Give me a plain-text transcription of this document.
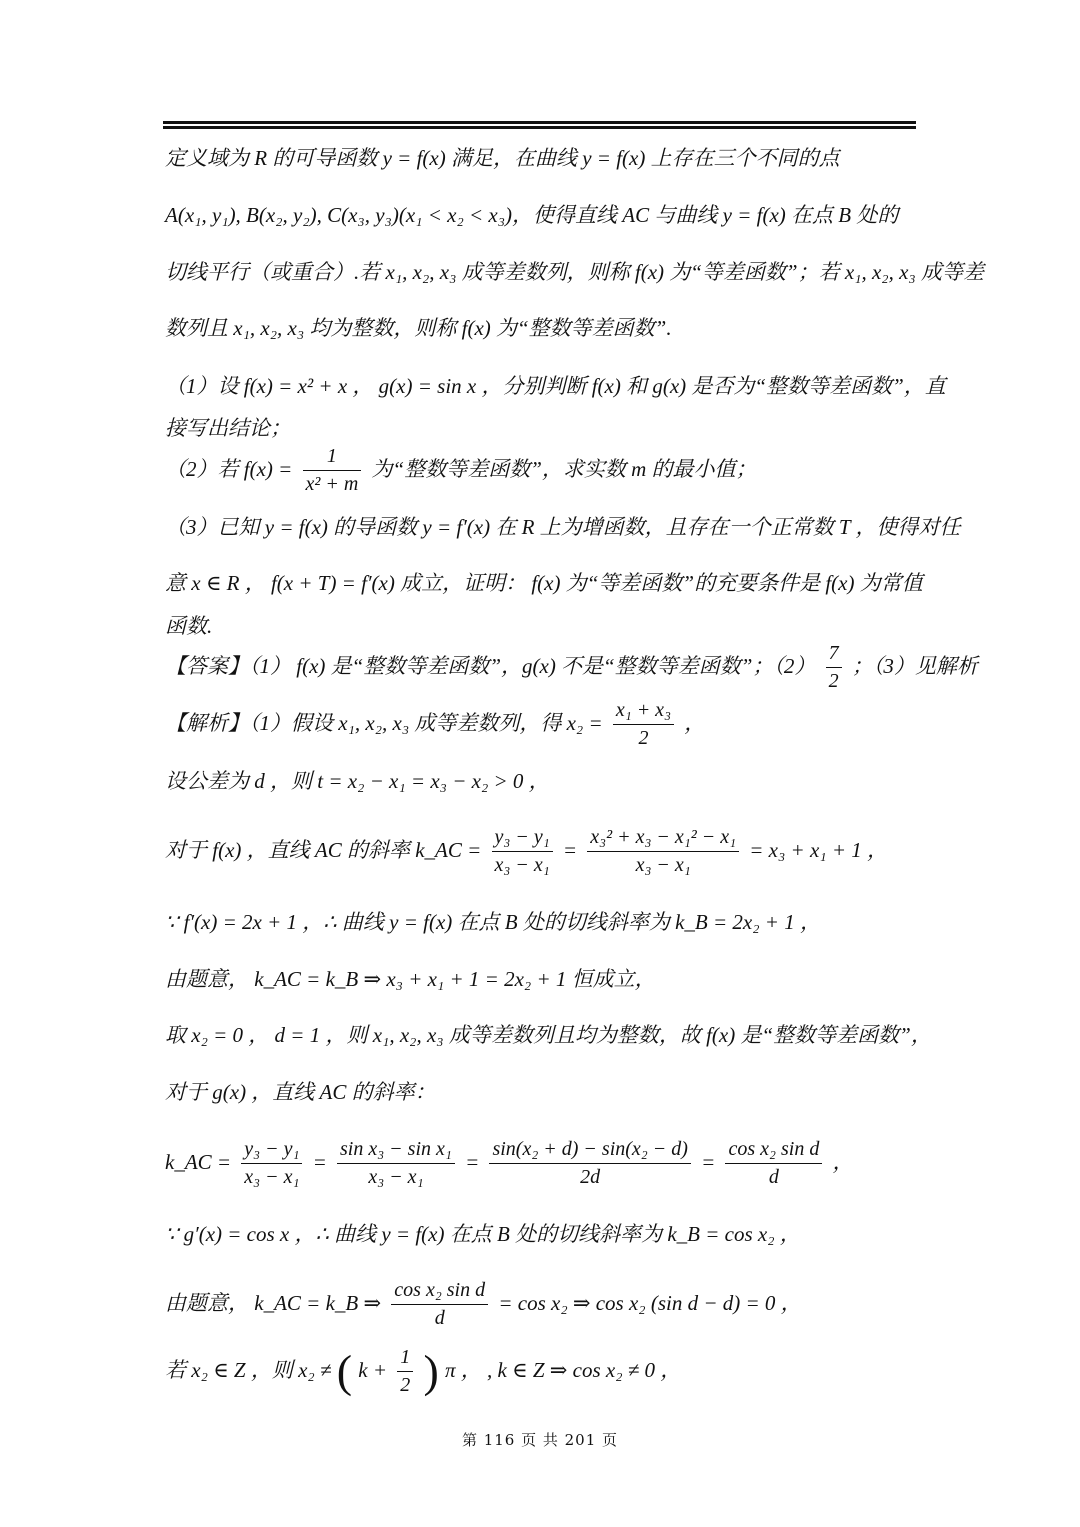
定义域为 R 的可导函数 y = f(x) 满足，在曲线 y = f(x) 上存在三个不同的点
A(x₁, y₁), B(x₂, y₂), C(x₃, y₃)(x₁ < x₂ < x₃)，使得直线 AC 与曲线 y = f(x) 在点 B 处的
切线平行（或重合）.若 x₁, x₂, x₃ 成等差数列，则称 f(x) 为“等差函数”；若 x₁, x₂, x₃ 成等差
数列且 x₁, x₂, x₃ 均为整数，则称 f(x) 为“整数等差函数”.
（1）设 f(x) = x² + x ， g(x) = sin x ，分别判断 f(x) 和 g(x) 是否为“整数等差函数”，直
接写出结论；
（2）若 $f(x) = \frac{1}{\text{x² + m}}$ 为“整数等差函数”，求实数 m 的最小值；
（3）已知 y = f(x) 的导函数 y = f′(x) 在 R 上为增函数，且存在一个正常数 T ，使得对任
意 x ∈ R ， f(x + T) = f′(x) 成立，证明： f(x) 为“等差函数”的充要条件是 f(x) 为常值
函数.
【答案】（1） f(x) 是“整数等差函数”，g(x) 不是“整数等差函数”；$(2) \frac{7}{2}$ ；（3）见解析
【解析】（1）假设 x₁, x₂, x₃ 成等差数列，得 $x_2 = \frac{\text{x₁ + x₃}}{2}$ ，
设公差为 d ，则 t = x₂ − x₁ = x₃ − x₂ > 0 ，
对于 f(x) ，直线 AC 的斜率 k_AC = $\frac{\text{y₃ − y₁}}{\text{x₃ − x₁}} = \frac{\text{x₃² + x₃ − x₁² − x₁}}{\text{x₃ − x₁}} = x_3 + x_1 + 1$ ，
∵ f′(x) = 2x + 1 ，∴ 曲线 y = f(x) 在点 B 处的切线斜率为 k_B = 2x₂ + 1 ，
由题意， k_AC = k_B ⇒ x₃ + x₁ + 1 = 2x₂ + 1 恒成立，
取 x₂ = 0 ， d = 1 ，则 x₁, x₂, x₃ 成等差数列且均为整数，故 f(x) 是“整数等差函数”，
对于 g(x) ，直线 AC 的斜率：
k_AC = $\frac{\text{y₃ − y₁}}{\text{x₃ − x₁}} = \frac{\text{sin x₃ − sin x₁}}{\text{x₃ − x₁}} = \frac{\text{sin(x₂ + d) − sin(x₂ − d)}}{2d} = \frac{\text{cos x₂ sin d}}{d}$ ，
∵ g′(x) = cos x ，∴ 曲线 y = f(x) 在点 B 处的切线斜率为 k_B = cos x₂ ，
由题意， k_AC = k_B ⇒ $\frac{\text{cos x₂ sin d}}{d} = \cos x_2$ ⇒ cos x₂ (sin d − d) = 0 ，
若 x₂ ∈ Z ，则 x₂ ≠ ( $k + \frac{1}{2}$ ) π ， , k ∈ Z ⇒ cos x₂ ≠ 0 ，
第 116 页 共 201 页
